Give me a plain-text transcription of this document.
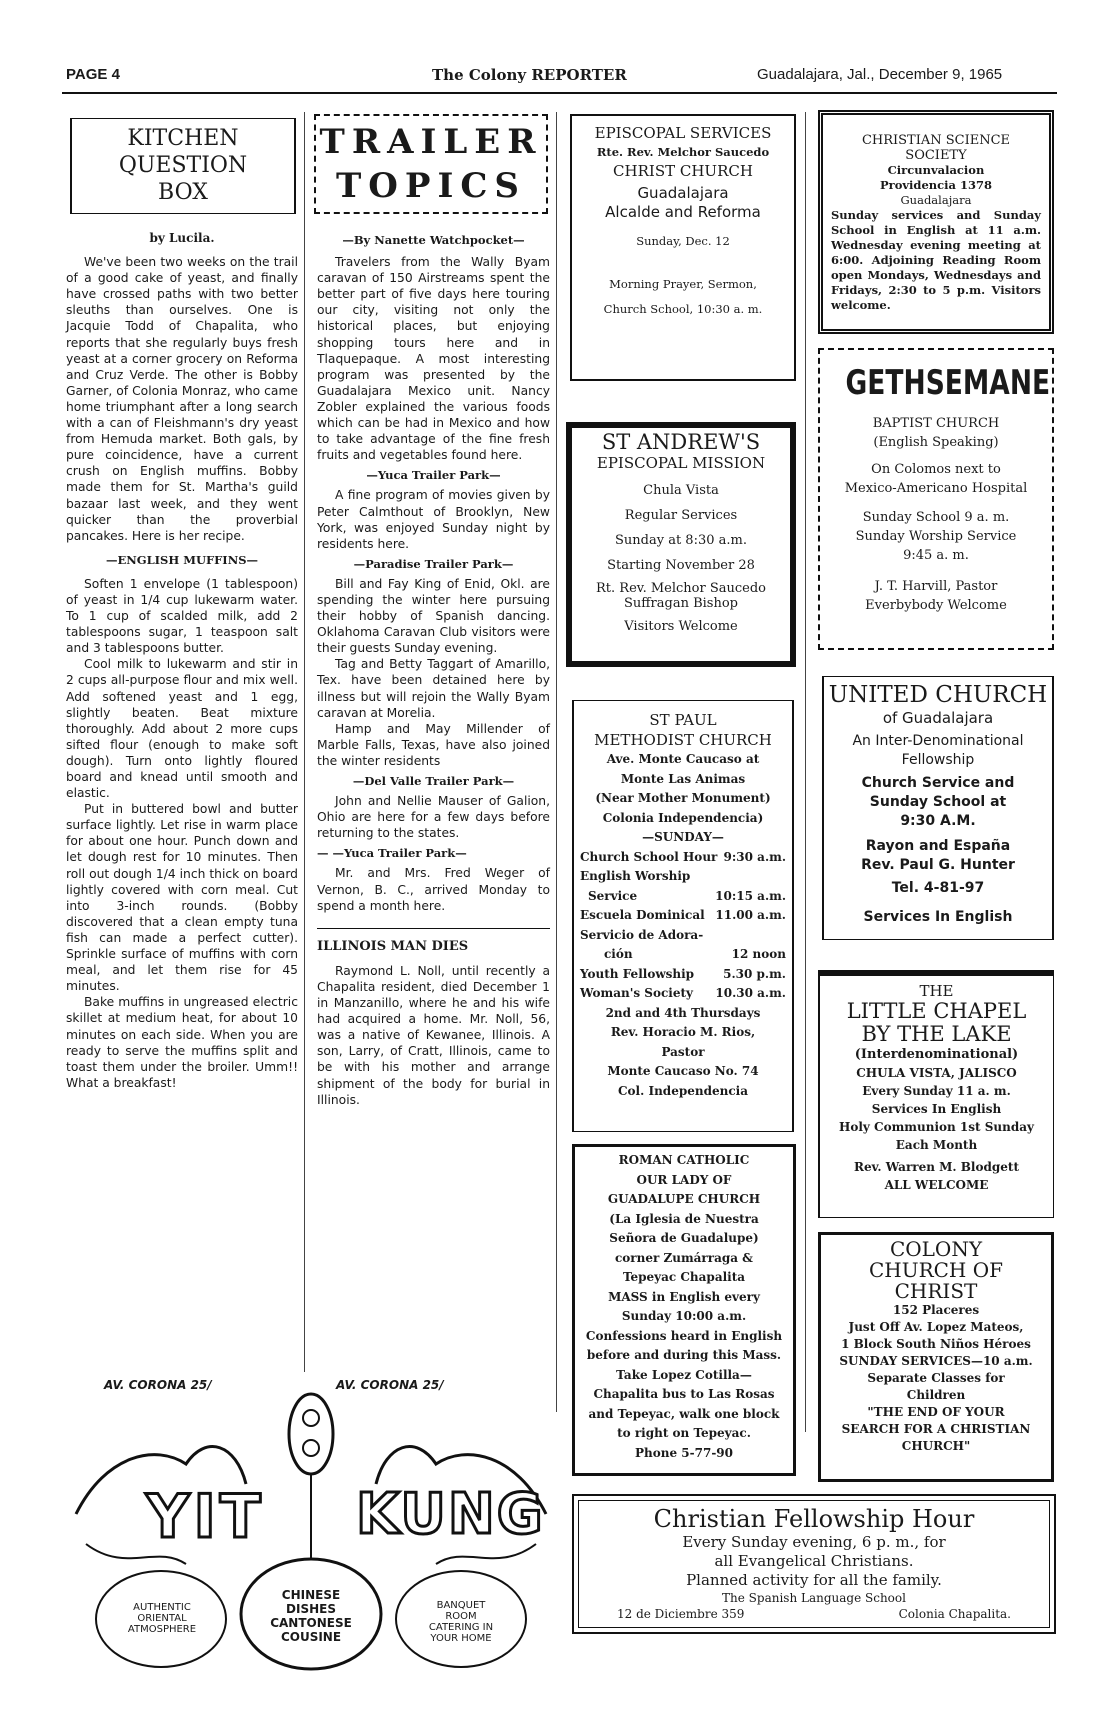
PAGE 4	The Colony REPORTER	Guadalajara, Jal., December 9, 1965
KITCHEN
QUESTION
BOX
by Lucila.

We've been two weeks on the trail of a good cake of yeast, and finally have crossed paths with two better sleuths than ourselves. One is Jacquie Todd of Chapalita, who reports that she regularly buys fresh yeast at a corner grocery on Reforma and Cruz Verde. The other is Bobby Garner, of Colonia Monraz, who came home triumphant after a long search with a can of Fleishmann's dry yeast from Hemuda market. Both gals, by pure coincidence, have a current crush on English muffins. Bobby made them for St. Martha's guild bazaar last week, and they went quicker than the proverbial pancakes. Here is her recipe.

—ENGLISH MUFFINS—

Soften 1 envelope (1 tablespoon) of yeast in 1/4 cup lukewarm water. To 1 cup of scalded milk, add 2 tablespoons sugar, 1 teaspoon salt and 3 tablespoons butter.

Cool milk to lukewarm and stir in 2 cups all-purpose flour and mix well. Add softened yeast and 1 egg, slightly beaten. Beat mixture thoroughly. Add about 2 more cups sifted flour (enough to make soft dough). Turn onto lightly floured board and knead until smooth and elastic.

Put in buttered bowl and butter surface lightly. Let rise in warm place for about one hour. Punch down and let dough rest for 10 minutes. Then roll out dough 1/4 inch thick on board lightly covered with corn meal. Cut into 3-inch rounds. (Bobby discovered that a clean empty tuna fish can made a perfect cutter). Sprinkle surface of muffins with corn meal, and let them rise for 45 minutes.

Bake muffins in ungreased electric skillet at medium heat, for about 10 minutes on each side. When you are ready to serve the muffins split and toast them under the broiler. Umm!! What a breakfast!

TRAILER
TOPICS
—By Nanette Watchpocket—

Travelers from the Wally Byam caravan of 150 Airstreams spent the better part of five days here touring our city, visiting not only the historical places, but enjoying shopping tours here and in Tlaquepaque. A most interesting program was presented by the Guadalajara Mexico unit. Nancy Zobler explained the various foods which can be had in Mexico and how to take advantage of the fine fresh fruits and vegetables found here.

—Yuca Trailer Park—

A fine program of movies given by Peter Calmthout of Brooklyn, New York, was enjoyed Sunday night by residents here.

—Paradise Trailer Park—

Bill and Fay King of Enid, Okl. are spending the winter here pursuing their hobby of Spanish dancing. Oklahoma Caravan Club visitors were their guests Sunday evening.

Tag and Betty Taggart of Amarillo, Tex. have been detained here by illness but will rejoin the Wally Byam caravan at Morelia.

Hamp and May Millender of Marble Falls, Texas, have also joined the winter residents

—Del Valle Trailer Park—

John and Nellie Mauser of Galion, Ohio are here for a few days before returning to the states.

— —Yuca Trailer Park—

Mr. and Mrs. Fred Weger of Vernon, B. C., arrived Monday to spend a month here.

ILLINOIS MAN DIES

Raymond L. Noll, until recently a Chapalita resident, died December 1 in Manzanillo, where he and his wife had acquired a home. Mr. Noll, 56, was a native of Kewanee, Illinois. A son, Larry, of Cratt, Illinois, came to be with his mother and arrange shipment of the body for burial in Illinois.

AV. CORONA 25/	AV. CORONA 25/
YIT KUNG
AUTHENTIC ORIENTAL ATMOSPHERE
CHINESE DISHES CANTONESE COUSINE
BANQUET ROOM CATERING IN YOUR HOME
EPISCOPAL SERVICES
Rte. Rev. Melchor Saucedo
CHRIST CHURCH
Guadalajara
Alcalde and Reforma
Sunday, Dec. 12
Morning Prayer, Sermon,
Church School, 10:30 a. m.
ST ANDREW'S
EPISCOPAL MISSION
Chula Vista
Regular Services
Sunday at 8:30 a.m.
Starting November 28
Rt. Rev. Melchor Saucedo
Suffragan Bishop
Visitors Welcome
ST PAUL
METHODIST CHURCH
Ave. Monte Caucaso at
Monte Las Animas
(Near Mother Monument)
Colonia Independencia)
—SUNDAY—
Church School Hour 9:30 a.m.
English Worship
Service	10:15 a.m.
Escuela Dominical 11.00 a.m.
Servicio de Adora-
ción	12 noon
Youth Fellowship 5.30 p.m.
Woman's Society 10.30 a.m.
2nd and 4th Thursdays
Rev. Horacio M. Rios,
Pastor
Monte Caucaso No. 74
Col. Independencia
ROMAN CATHOLIC
OUR LADY OF
GUADALUPE CHURCH
(La Iglesia de Nuestra
Señora de Guadalupe)
corner Zumárraga &
Tepeyac Chapalita
MASS in English every
Sunday 10:00 a.m.
Confessions heard in English
before and during this Mass.
Take Lopez Cotilla—
Chapalita bus to Las Rosas
and Tepeyac, walk one block
to right on Tepeyac.
Phone 5-77-90
CHRISTIAN SCIENCE
SOCIETY
Circunvalacion
Providencia 1378
Guadalajara
Sunday services and Sunday School in English at 11 a.m. Wednesday evening meeting at 6:00. Adjoining Reading Room open Mondays, Wednesdays and Fridays, 2:30 to 5 p.m. Visitors welcome.
GETHSEMANE
BAPTIST CHURCH
(English Speaking)
On Colomos next to
Mexico-Americano Hospital
Sunday School 9 a. m.
Sunday Worship Service
9:45 a. m.
J. T. Harvill, Pastor
Everbybody Welcome
UNITED CHURCH
of Guadalajara
An Inter-Denominational
Fellowship
Church Service and
Sunday School at
9:30 A.M.
Rayon and España
Rev. Paul G. Hunter
Tel. 4-81-97
Services In English
THE
LITTLE CHAPEL
BY THE LAKE
(Interdenominational)
CHULA VISTA, JALISCO
Every Sunday 11 a. m.
Services In English
Holy Communion 1st Sunday
Each Month
Rev. Warren M. Blodgett
ALL WELCOME
COLONY
CHURCH OF
CHRIST
152 Placeres
Just Off Av. Lopez Mateos,
1 Block South Niños Héroes
SUNDAY SERVICES—10 a.m.
Separate Classes for
Children
"THE END OF YOUR
SEARCH FOR A CHRISTIAN
CHURCH"
Christian Fellowship Hour
Every Sunday evening, 6 p. m., for
all Evangelical Christians.
Planned activity for all the family.
The Spanish Language School
12 de Diciembre 359	Colonia Chapalita.
